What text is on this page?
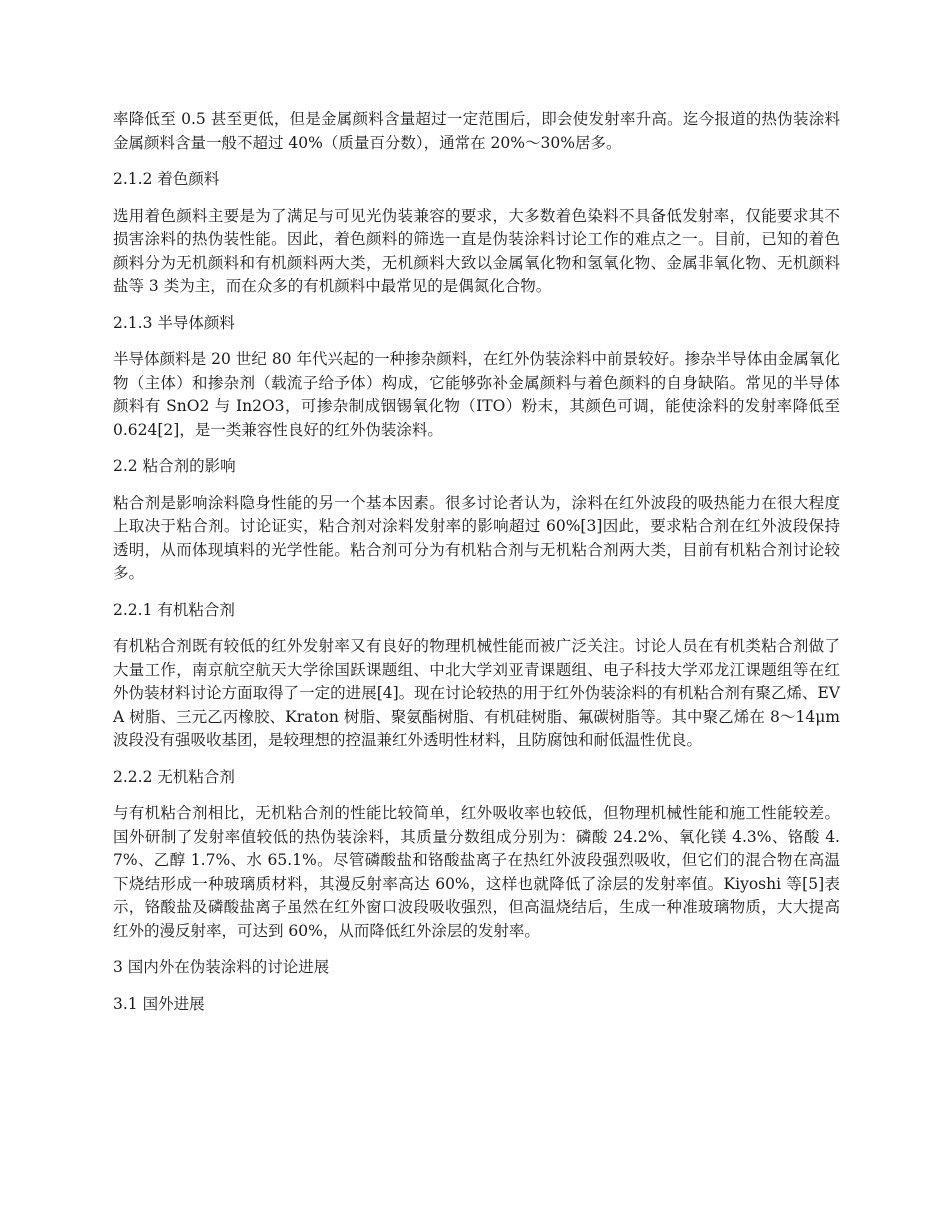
率降低至 0.5 甚至更低，但是金属颜料含量超过一定范围后，即会使发射率升高。迄今报道的热伪装涂料金属颜料含量一般不超过 40%（质量百分数），通常在 20%～30%居多。

2.1.2 着色颜料

选用着色颜料主要是为了满足与可见光伪装兼容的要求，大多数着色染料不具备低发射率，仅能要求其不损害涂料的热伪装性能。因此，着色颜料的筛选一直是伪装涂料讨论工作的难点之一。目前，已知的着色颜料分为无机颜料和有机颜料两大类，无机颜料大致以金属氧化物和氢氧化物、金属非氧化物、无机颜料盐等 3 类为主，而在众多的有机颜料中最常见的是偶氮化合物。

2.1.3 半导体颜料

半导体颜料是 20 世纪 80 年代兴起的一种掺杂颜料，在红外伪装涂料中前景较好。掺杂半导体由金属氧化物（主体）和掺杂剂（载流子给予体）构成，它能够弥补金属颜料与着色颜料的自身缺陷。常见的半导体颜料有 SnO2 与 In2O3，可掺杂制成铟锡氧化物（ITO）粉末，其颜色可调，能使涂料的发射率降低至 0.624[2]，是一类兼容性良好的红外伪装涂料。

2.2 粘合剂的影响

粘合剂是影响涂料隐身性能的另一个基本因素。很多讨论者认为，涂料在红外波段的吸热能力在很大程度上取决于粘合剂。讨论证实，粘合剂对涂料发射率的影响超过 60%[3]因此，要求粘合剂在红外波段保持透明，从而体现填料的光学性能。粘合剂可分为有机粘合剂与无机粘合剂两大类，目前有机粘合剂讨论较多。

2.2.1 有机粘合剂

有机粘合剂既有较低的红外发射率又有良好的物理机械性能而被广泛关注。讨论人员在有机类粘合剂做了大量工作，南京航空航天大学徐国跃课题组、中北大学刘亚青课题组、电子科技大学邓龙江课题组等在红外伪装材料讨论方面取得了一定的进展[4]。现在讨论较热的用于红外伪装涂料的有机粘合剂有聚乙烯、EVA 树脂、三元乙丙橡胶、Kraton 树脂、聚氨酯树脂、有机硅树脂、氟碳树脂等。其中聚乙烯在 8～14μm 波段没有强吸收基团，是较理想的控温兼红外透明性材料，且防腐蚀和耐低温性优良。

2.2.2 无机粘合剂

与有机粘合剂相比，无机粘合剂的性能比较简单，红外吸收率也较低，但物理机械性能和施工性能较差。国外研制了发射率值较低的热伪装涂料，其质量分数组成分别为：磷酸 24.2%、氧化镁 4.3%、铬酸 4.7%、乙醇 1.7%、水 65.1%。尽管磷酸盐和铬酸盐离子在热红外波段强烈吸收，但它们的混合物在高温下烧结形成一种玻璃质材料，其漫反射率高达 60%，这样也就降低了涂层的发射率值。Kiyoshi 等[5]表示，铬酸盐及磷酸盐离子虽然在红外窗口波段吸收强烈，但高温烧结后，生成一种准玻璃物质，大大提高红外的漫反射率，可达到 60%，从而降低红外涂层的发射率。

3 国内外在伪装涂料的讨论进展

3.1 国外进展
